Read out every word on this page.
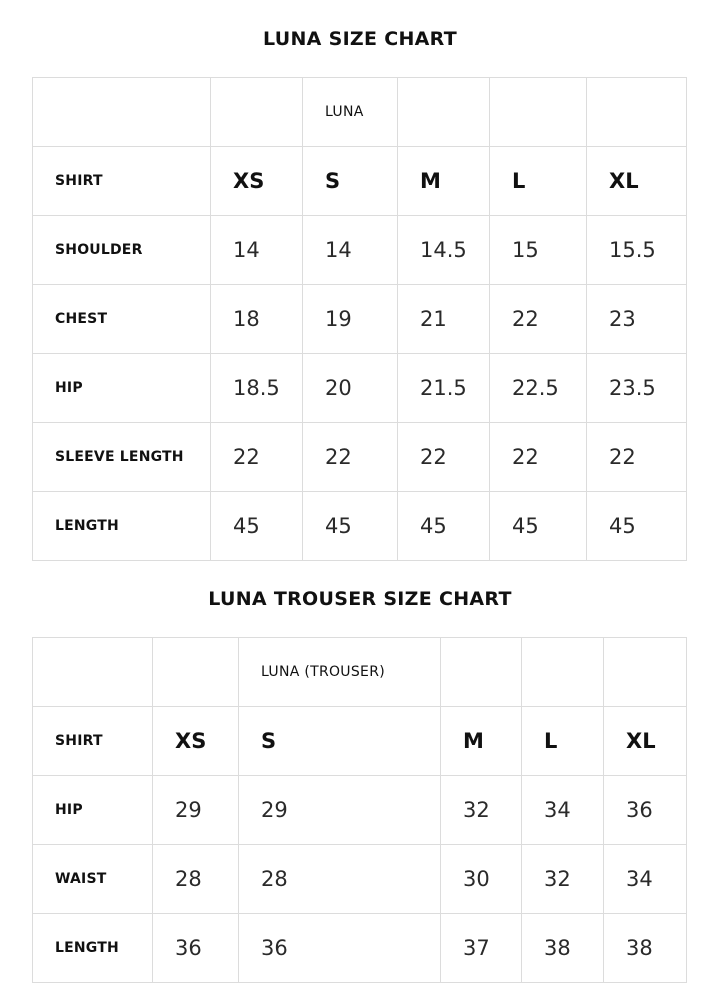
LUNA SIZE CHART
		LUNA			
SHIRT	XS	S	M	L	XL
SHOULDER	14	14	14.5	15	15.5
CHEST	18	19	21	22	23
HIP	18.5	20	21.5	22.5	23.5
SLEEVE LENGTH	22	22	22	22	22
LENGTH	45	45	45	45	45
LUNA TROUSER SIZE CHART
		LUNA (TROUSER)			
SHIRT	XS	S	M	L	XL
HIP	29	29	32	34	36
WAIST	28	28	30	32	34
LENGTH	36	36	37	38	38
